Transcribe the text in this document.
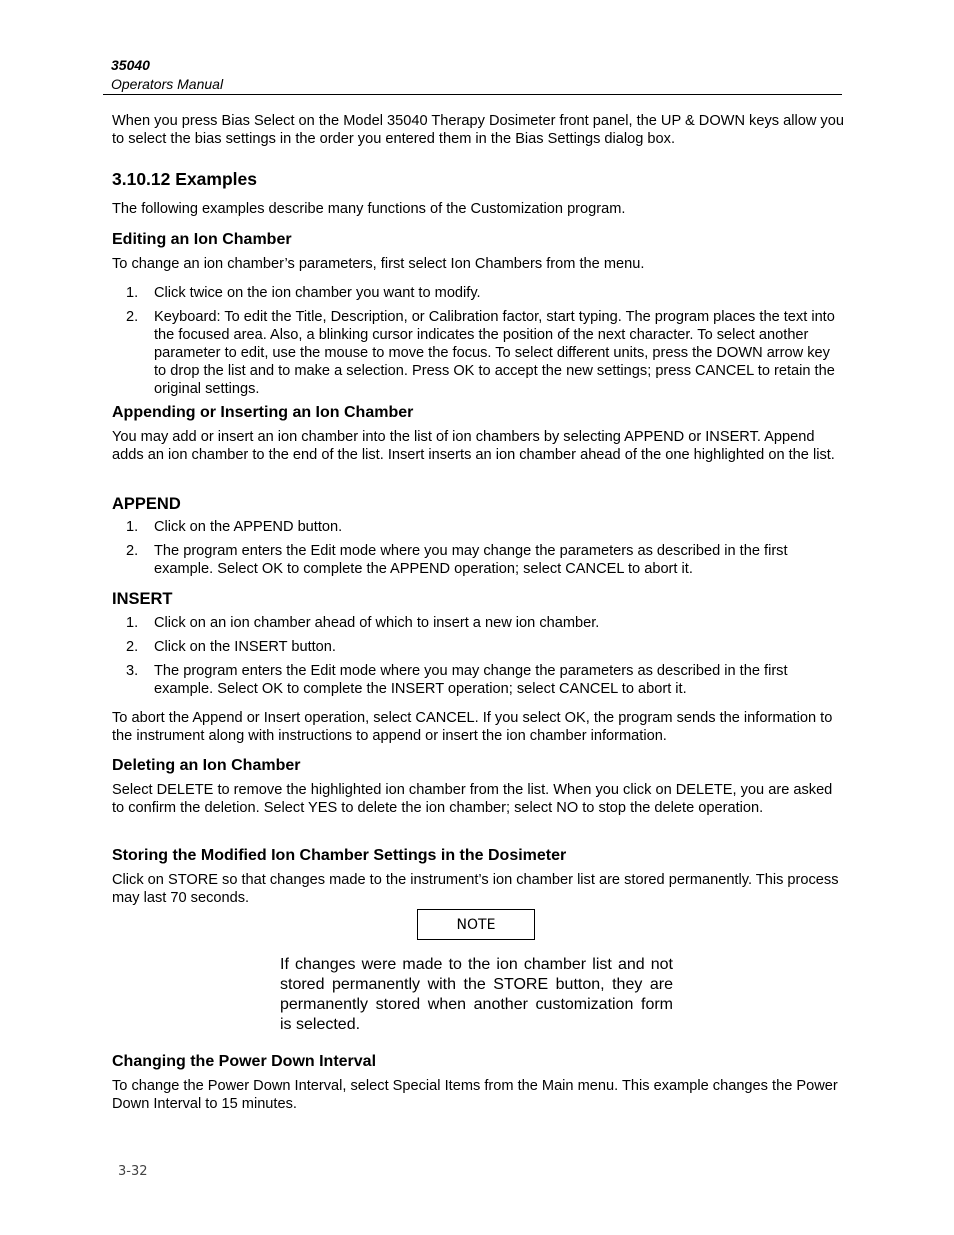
35040
Operators Manual
When you press Bias Select on the Model 35040 Therapy Dosimeter front panel, the UP & DOWN keys allow you to select the bias settings in the order you entered them in the Bias Settings dialog box.
3.10.12 Examples
The following examples describe many functions of the Customization program.
Editing an Ion Chamber
To change an ion chamber’s parameters, first select Ion Chambers from the menu.
1. Click twice on the ion chamber you want to modify.
2. Keyboard: To edit the Title, Description, or Calibration factor, start typing. The program places the text into the focused area. Also, a blinking cursor indicates the position of the next character. To select another parameter to edit, use the mouse to move the focus. To select different units, press the DOWN arrow key to drop the list and to make a selection. Press OK to accept the new settings; press CANCEL to retain the original settings.
Appending or Inserting an Ion Chamber
You may add or insert an ion chamber into the list of ion chambers by selecting APPEND or INSERT. Append adds an ion chamber to the end of the list. Insert inserts an ion chamber ahead of the one highlighted on the list.
APPEND
1. Click on the APPEND button.
2. The program enters the Edit mode where you may change the parameters as described in the first example. Select OK to complete the APPEND operation; select CANCEL to abort it.
INSERT
1. Click on an ion chamber ahead of which to insert a new ion chamber.
2. Click on the INSERT button.
3. The program enters the Edit mode where you may change the parameters as described in the first example. Select OK to complete the INSERT operation; select CANCEL to abort it.
To abort the Append or Insert operation, select CANCEL. If you select OK, the program sends the information to the instrument along with instructions to append or insert the ion chamber information.
Deleting an Ion Chamber
Select DELETE to remove the highlighted ion chamber from the list. When you click on DELETE, you are asked to confirm the deletion. Select YES to delete the ion chamber; select NO to stop the delete operation.
Storing the Modified Ion Chamber Settings in the Dosimeter
Click on STORE so that changes made to the instrument’s ion chamber list are stored permanently. This process may last 70 seconds.
NOTE
If changes were made to the ion chamber list and not stored permanently with the STORE button, they are permanently stored when another customization form is selected.
Changing the Power Down Interval
To change the Power Down Interval, select Special Items from the Main menu. This example changes the Power Down Interval to 15 minutes.
3-32
